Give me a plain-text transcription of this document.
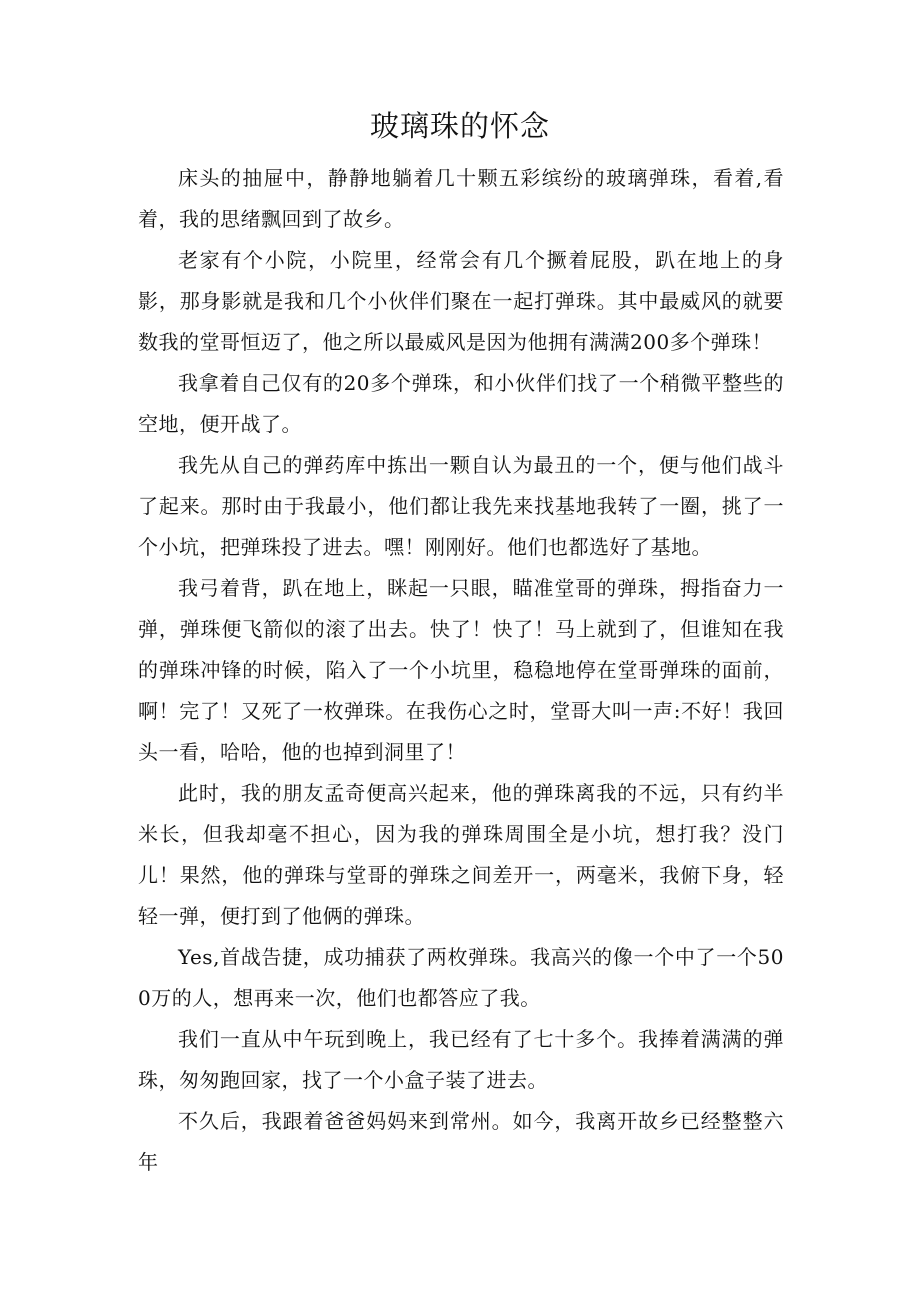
玻璃珠的怀念

床头的抽屉中，静静地躺着几十颗五彩缤纷的玻璃弹珠，看着,看着，我的思绪飘回到了故乡。

老家有个小院，小院里，经常会有几个撅着屁股，趴在地上的身影，那身影就是我和几个小伙伴们聚在一起打弹珠。其中最威风的就要数我的堂哥恒迈了，他之所以最威风是因为他拥有满满200多个弹珠！

我拿着自己仅有的20多个弹珠，和小伙伴们找了一个稍微平整些的空地，便开战了。

我先从自己的弹药库中拣出一颗自认为最丑的一个，便与他们战斗了起来。那时由于我最小，他们都让我先来找基地我转了一圈，挑了一个小坑，把弹珠投了进去。嘿！刚刚好。他们也都选好了基地。

我弓着背，趴在地上，眯起一只眼，瞄准堂哥的弹珠，拇指奋力一弹，弹珠便飞箭似的滚了出去。快了！快了！马上就到了，但谁知在我的弹珠冲锋的时候，陷入了一个小坑里，稳稳地停在堂哥弹珠的面前，啊！完了！又死了一枚弹珠。在我伤心之时，堂哥大叫一声:不好！我回头一看，哈哈，他的也掉到洞里了！

此时，我的朋友孟奇便高兴起来，他的弹珠离我的不远，只有约半米长，但我却毫不担心，因为我的弹珠周围全是小坑，想打我？没门儿！果然，他的弹珠与堂哥的弹珠之间差开一，两毫米，我俯下身，轻轻一弹，便打到了他俩的弹珠。

Yes,首战告捷，成功捕获了两枚弹珠。我高兴的像一个中了一个500万的人，想再来一次，他们也都答应了我。

我们一直从中午玩到晚上，我已经有了七十多个。我捧着满满的弹珠，匆匆跑回家，找了一个小盒子装了进去。

不久后，我跟着爸爸妈妈来到常州。如今，我离开故乡已经整整六年
